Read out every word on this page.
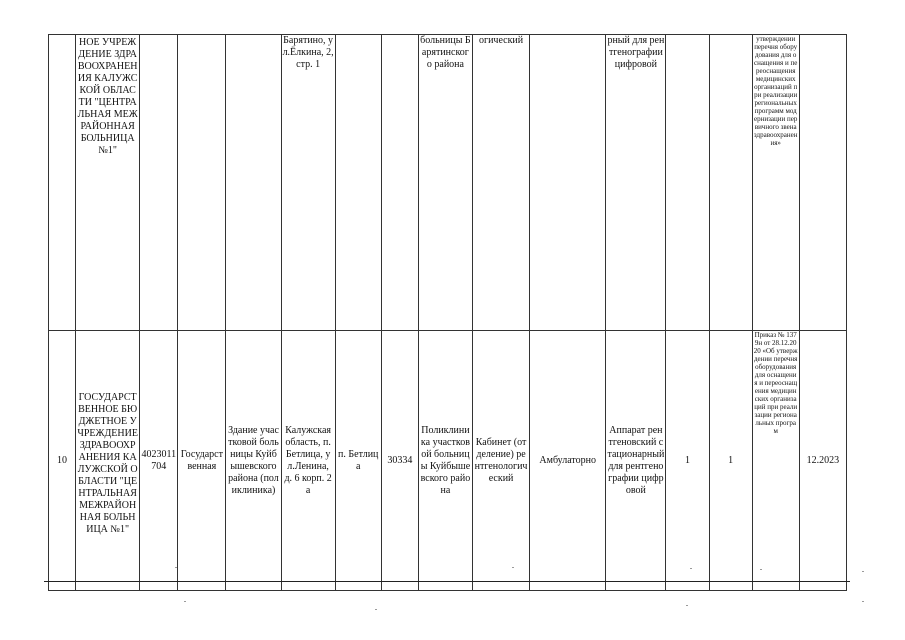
	НОЕ УЧРЕЖДЕНИЕ ЗДРАВООХРАНЕНИЯ КАЛУЖСКОЙ ОБЛАСТИ "ЦЕНТРАЛЬНАЯ МЕЖРАЙОННАЯ БОЛЬНИЦА №1"				Барятино, ул.Ёлкина, 2, стр. 1			больницы Барятинского района	огический		рный для рентгенографии цифровой			утверждении перечня оборудования для оснащения и переоснащения медицинских организаций при реализации региональных программ модернизации первичного звена здравоохранения»	
10	ГОСУДАРСТВЕННОЕ БЮДЖЕТНОЕ УЧРЕЖДЕНИЕ ЗДРАВООХРАНЕНИЯ КАЛУЖСКОЙ ОБЛАСТИ "ЦЕНТРАЛЬНАЯ МЕЖРАЙОННАЯ БОЛЬНИЦА №1"	4023011704	Государственная	Здание участковой больницы Куйбышевского района (поликлиника)	Калужская область, п. Бетлица, ул.Ленина, д. 6 корп. 2а	п. Бетлица	30334	Поликлиника участковой больницы Куйбышевского района	Кабинет (отделение) рентгенологический	Амбулаторно	Аппарат рентгеновский стационарный для рентгенографии цифровой	1	1	Приказ № 1379н от 28.12.2020 «Об утверждении перечня оборудования для оснащения и переоснащения медицинских организаций при реализации региональных програм	12.2023
